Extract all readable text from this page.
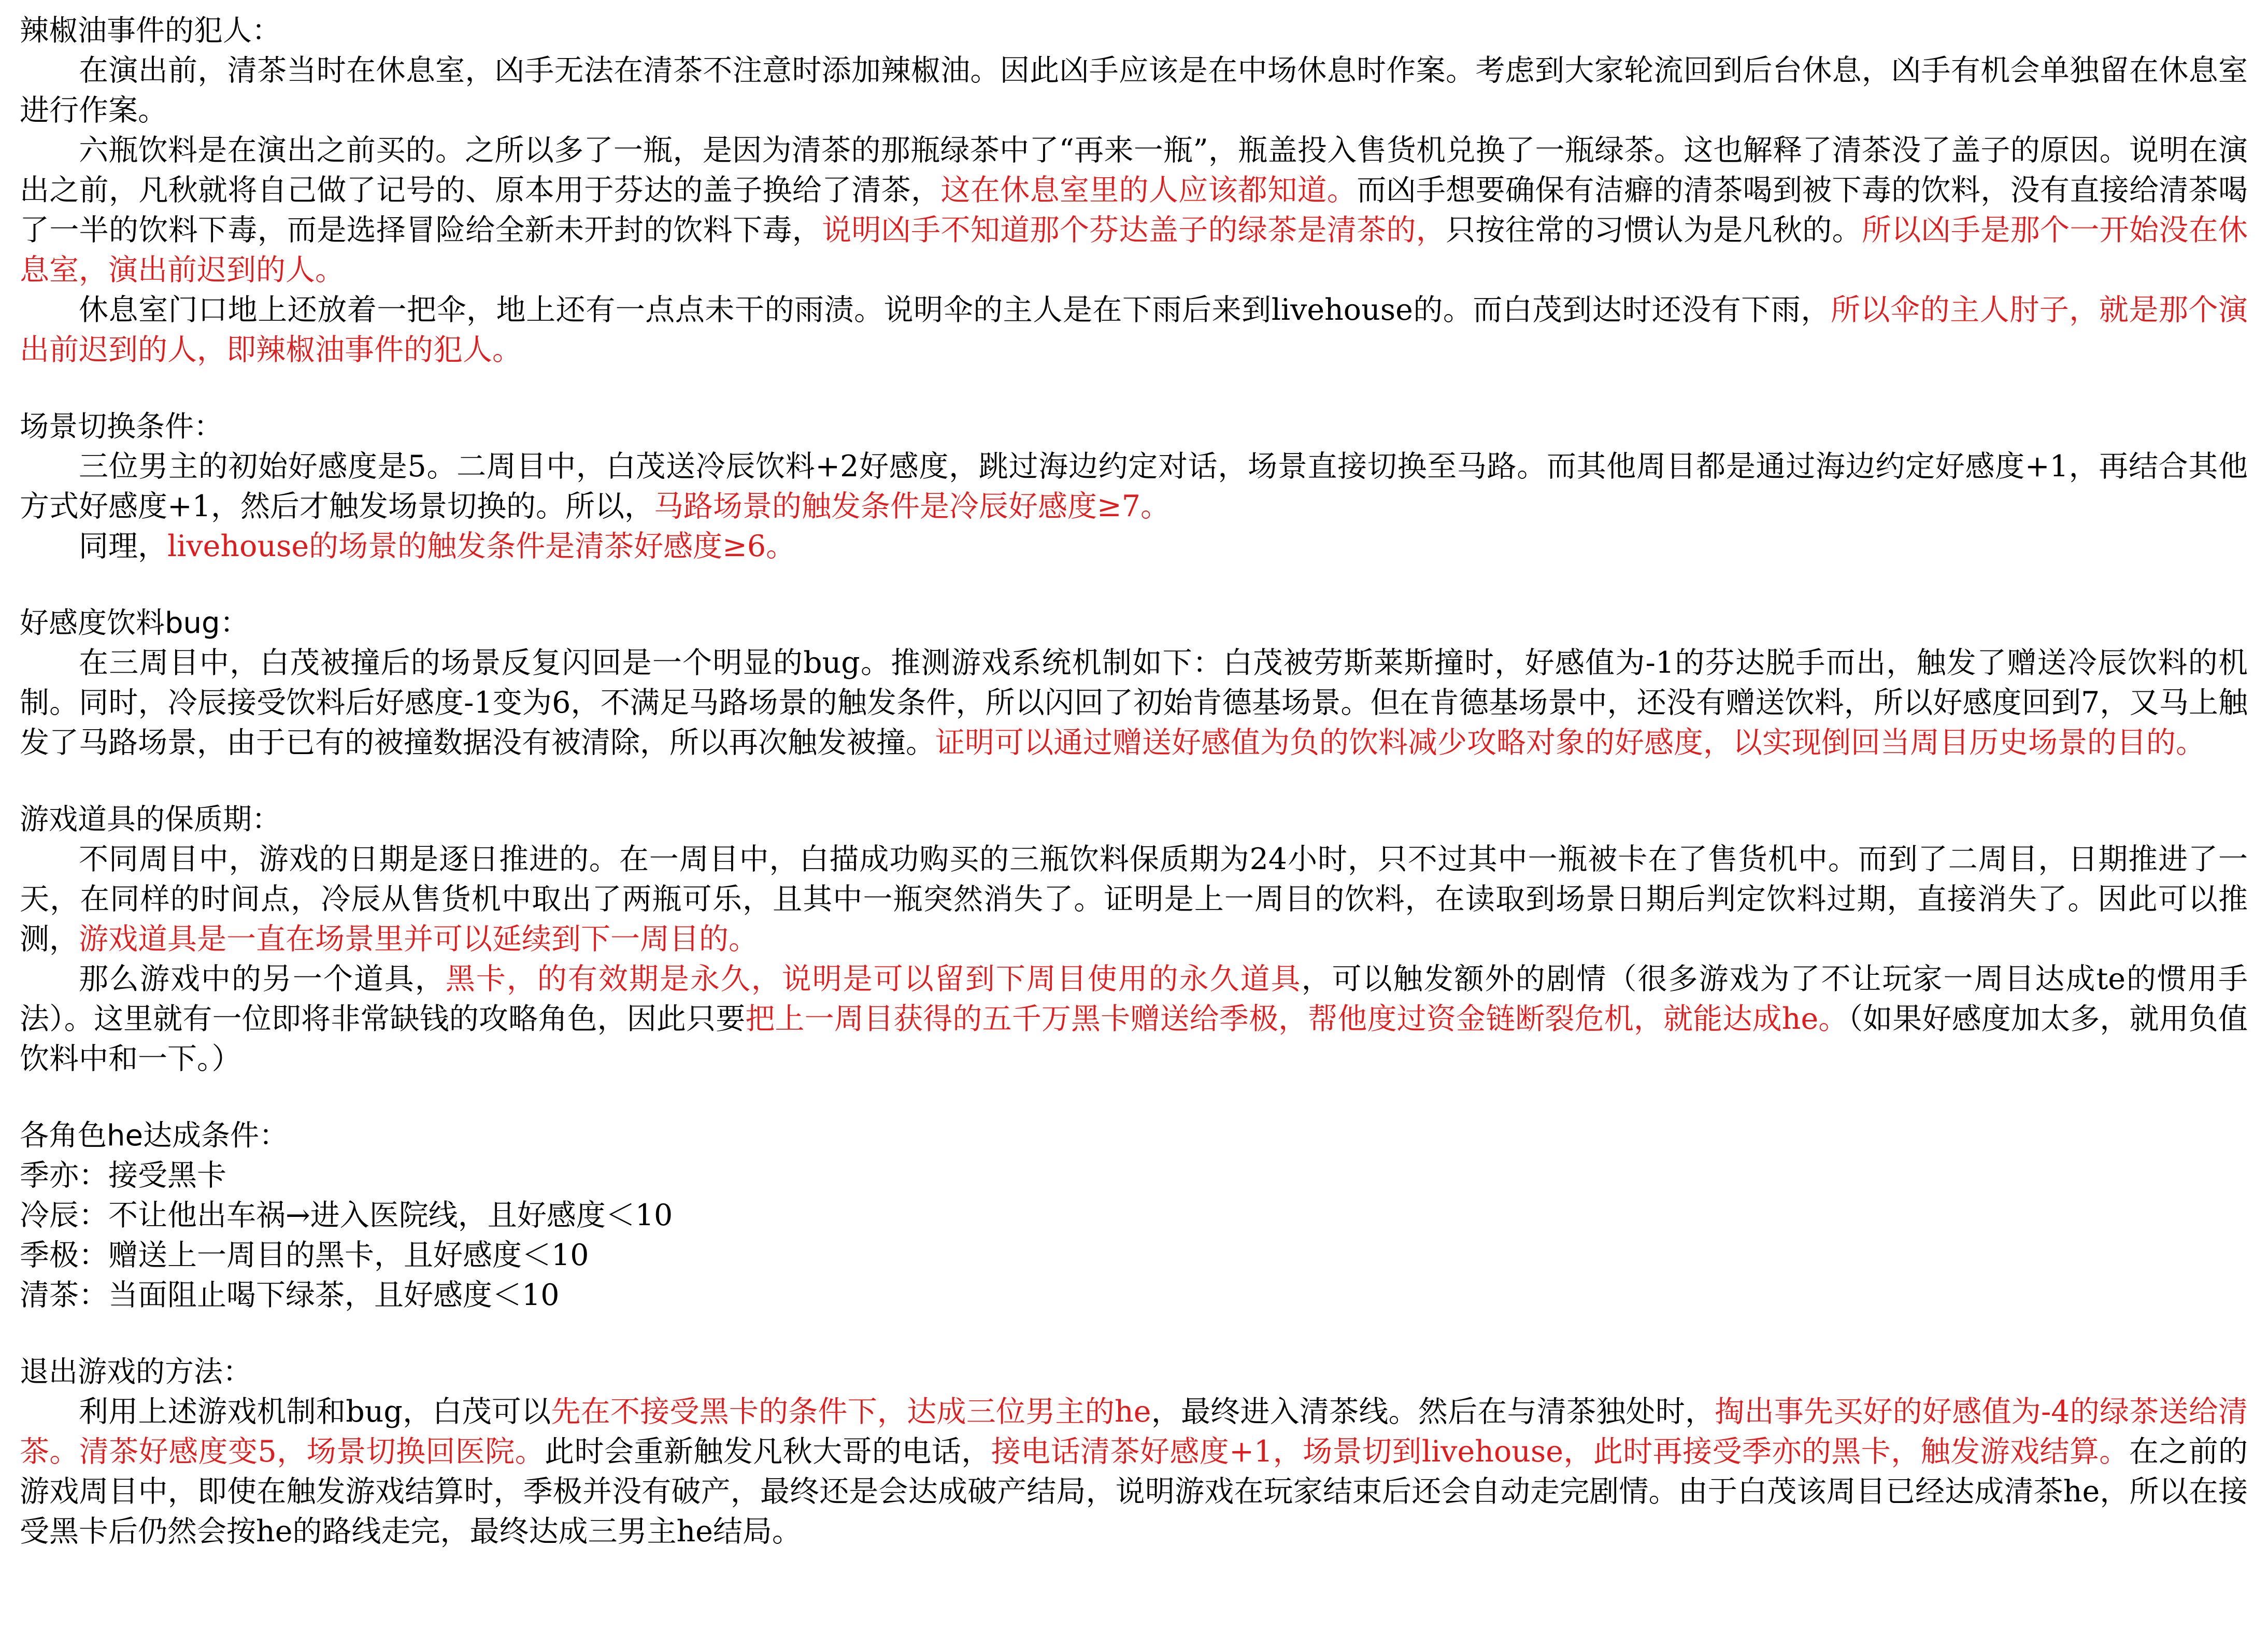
辣椒油事件的犯人：

在演出前，清茶当时在休息室，凶手无法在清茶不注意时添加辣椒油。因此凶手应该是在中场休息时作案。考虑到大家轮流回到后台休息，凶手有机会单独留在休息室进行作案。

六瓶饮料是在演出之前买的。之所以多了一瓶，是因为清茶的那瓶绿茶中了“再来一瓶”，瓶盖投入售货机兑换了一瓶绿茶。这也解释了清茶没了盖子的原因。说明在演出之前，凡秋就将自己做了记号的、原本用于芬达的盖子换给了清茶，这在休息室里的人应该都知道。而凶手想要确保有洁癖的清茶喝到被下毒的饮料，没有直接给清茶喝了一半的饮料下毒，而是选择冒险给全新未开封的饮料下毒，说明凶手不知道那个芬达盖子的绿茶是清茶的，只按往常的习惯认为是凡秋的。所以凶手是那个一开始没在休息室，演出前迟到的人。

休息室门口地上还放着一把伞，地上还有一点点未干的雨渍。说明伞的主人是在下雨后来到livehouse的。而白茂到达时还没有下雨，所以伞的主人肘子，就是那个演出前迟到的人，即辣椒油事件的犯人。

场景切换条件：

三位男主的初始好感度是5。二周目中，白茂送冷辰饮料+2好感度，跳过海边约定对话，场景直接切换至马路。而其他周目都是通过海边约定好感度+1，再结合其他方式好感度+1，然后才触发场景切换的。所以，马路场景的触发条件是冷辰好感度≥7。

同理，livehouse的场景的触发条件是清茶好感度≥6。

好感度饮料bug：

在三周目中，白茂被撞后的场景反复闪回是一个明显的bug。推测游戏系统机制如下：白茂被劳斯莱斯撞时，好感值为-1的芬达脱手而出，触发了赠送冷辰饮料的机制。同时，冷辰接受饮料后好感度-1变为6，不满足马路场景的触发条件，所以闪回了初始肯德基场景。但在肯德基场景中，还没有赠送饮料，所以好感度回到7，又马上触发了马路场景，由于已有的被撞数据没有被清除，所以再次触发被撞。证明可以通过赠送好感值为负的饮料减少攻略对象的好感度，以实现倒回当周目历史场景的目的。

游戏道具的保质期：

不同周目中，游戏的日期是逐日推进的。在一周目中，白描成功购买的三瓶饮料保质期为24小时，只不过其中一瓶被卡在了售货机中。而到了二周目，日期推进了一天，在同样的时间点，冷辰从售货机中取出了两瓶可乐，且其中一瓶突然消失了。证明是上一周目的饮料，在读取到场景日期后判定饮料过期，直接消失了。因此可以推测，游戏道具是一直在场景里并可以延续到下一周目的。

那么游戏中的另一个道具，黑卡，的有效期是永久，说明是可以留到下周目使用的永久道具，可以触发额外的剧情（很多游戏为了不让玩家一周目达成te的惯用手法）。这里就有一位即将非常缺钱的攻略角色，因此只要把上一周目获得的五千万黑卡赠送给季极，帮他度过资金链断裂危机，就能达成he。（如果好感度加太多，就用负值饮料中和一下。）

各角色he达成条件：

季亦：接受黑卡

冷辰：不让他出车祸→进入医院线，且好感度＜10

季极：赠送上一周目的黑卡，且好感度＜10

清茶：当面阻止喝下绿茶，且好感度＜10

退出游戏的方法：

利用上述游戏机制和bug，白茂可以先在不接受黑卡的条件下，达成三位男主的he，最终进入清茶线。然后在与清茶独处时，掏出事先买好的好感值为-4的绿茶送给清茶。清茶好感度变5，场景切换回医院。此时会重新触发凡秋大哥的电话，接电话清茶好感度+1，场景切到livehouse，此时再接受季亦的黑卡，触发游戏结算。在之前的游戏周目中，即使在触发游戏结算时，季极并没有破产，最终还是会达成破产结局，说明游戏在玩家结束后还会自动走完剧情。由于白茂该周目已经达成清茶he，所以在接受黑卡后仍然会按he的路线走完，最终达成三男主he结局。
